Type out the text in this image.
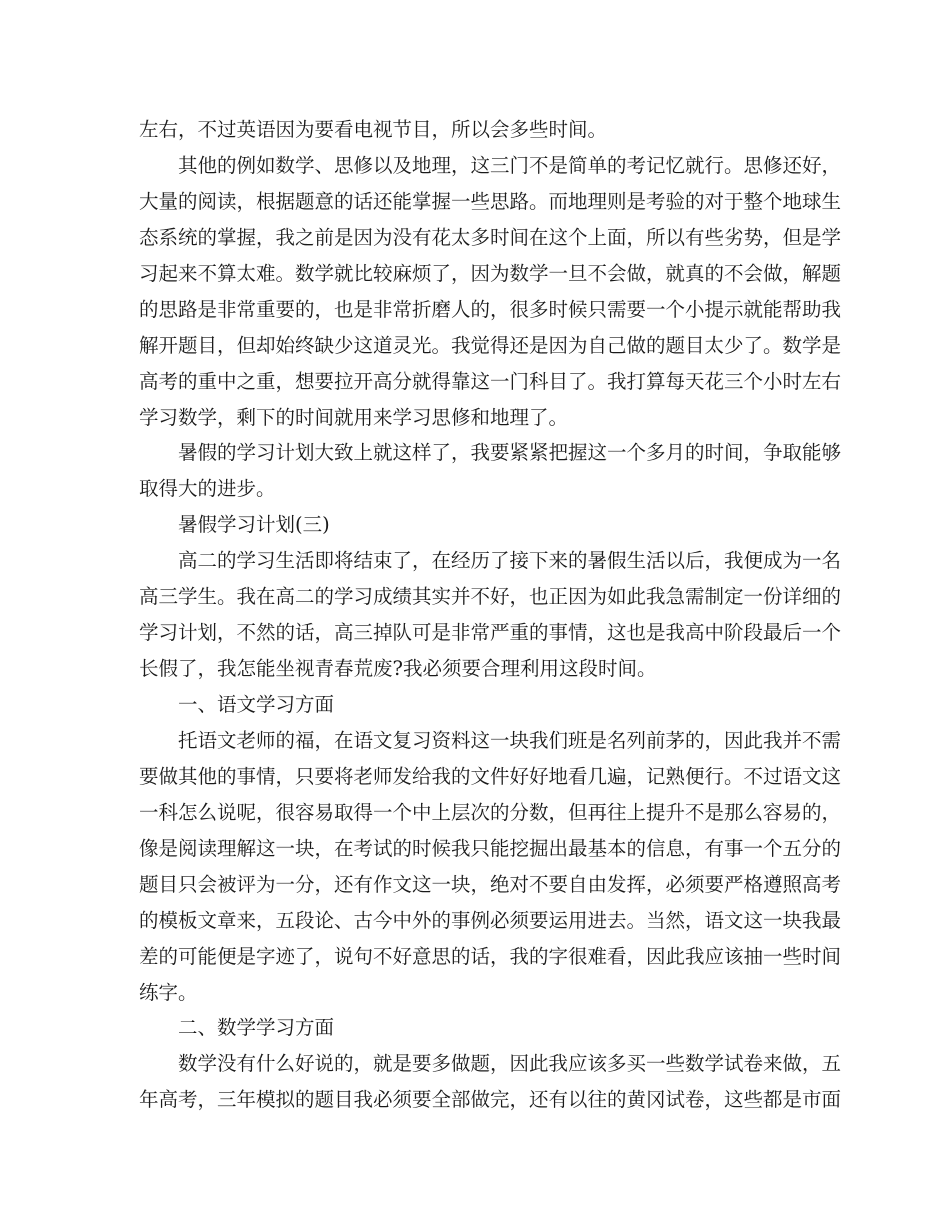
左右，不过英语因为要看电视节目，所以会多些时间。
其他的例如数学、思修以及地理，这三门不是简单的考记忆就行。思修还好，
大量的阅读，根据题意的话还能掌握一些思路。而地理则是考验的对于整个地球生
态系统的掌握，我之前是因为没有花太多时间在这个上面，所以有些劣势，但是学
习起来不算太难。数学就比较麻烦了，因为数学一旦不会做，就真的不会做，解题
的思路是非常重要的，也是非常折磨人的，很多时候只需要一个小提示就能帮助我
解开题目，但却始终缺少这道灵光。我觉得还是因为自己做的题目太少了。数学是
高考的重中之重，想要拉开高分就得靠这一门科目了。我打算每天花三个小时左右
学习数学，剩下的时间就用来学习思修和地理了。
暑假的学习计划大致上就这样了，我要紧紧把握这一个多月的时间，争取能够
取得大的进步。
暑假学习计划(三)
高二的学习生活即将结束了，在经历了接下来的暑假生活以后，我便成为一名
高三学生。我在高二的学习成绩其实并不好，也正因为如此我急需制定一份详细的
学习计划，不然的话，高三掉队可是非常严重的事情，这也是我高中阶段最后一个
长假了，我怎能坐视青春荒废?我必须要合理利用这段时间。
一、语文学习方面
托语文老师的福，在语文复习资料这一块我们班是名列前茅的，因此我并不需
要做其他的事情，只要将老师发给我的文件好好地看几遍，记熟便行。不过语文这
一科怎么说呢，很容易取得一个中上层次的分数，但再往上提升不是那么容易的，
像是阅读理解这一块，在考试的时候我只能挖掘出最基本的信息，有事一个五分的
题目只会被评为一分，还有作文这一块，绝对不要自由发挥，必须要严格遵照高考
的模板文章来，五段论、古今中外的事例必须要运用进去。当然，语文这一块我最
差的可能便是字迹了，说句不好意思的话，我的字很难看，因此我应该抽一些时间
练字。
二、数学学习方面
数学没有什么好说的，就是要多做题，因此我应该多买一些数学试卷来做，五
年高考，三年模拟的题目我必须要全部做完，还有以往的黄冈试卷，这些都是市面
